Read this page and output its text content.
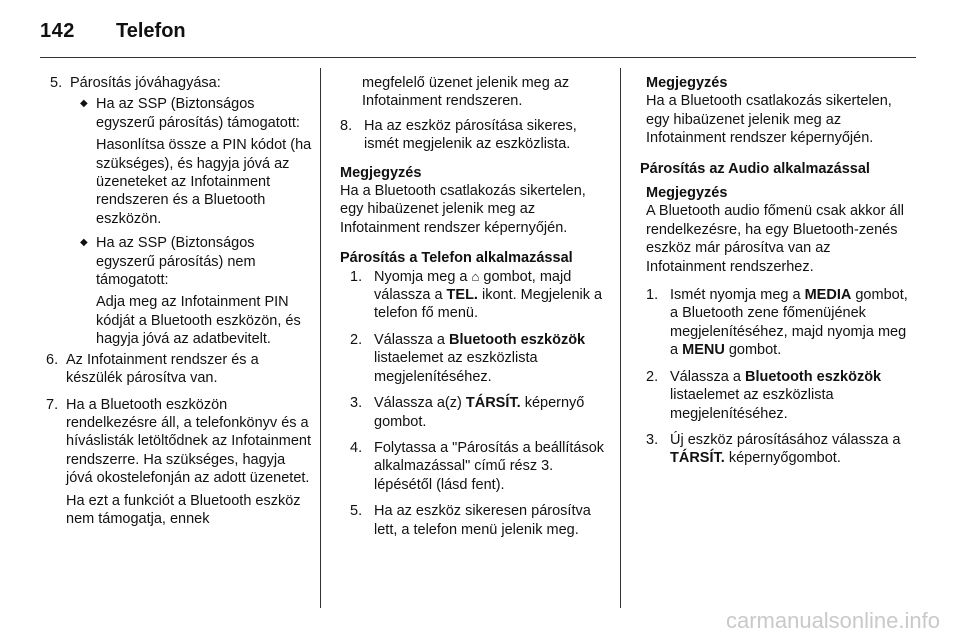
142 Telefon
5. Párosítás jóváhagyása:
◆ Ha az SSP (Biztonságos egyszerű párosítás) támogatott:
Hasonlítsa össze a PIN kódot (ha szükséges), és hagyja jóvá az üzeneteket az Infotainment rendszeren és a Bluetooth eszközön.
◆ Ha az SSP (Biztonságos egyszerű párosítás) nem támogatott:
Adja meg az Infotainment PIN kódját a Bluetooth eszközön, és hagyja jóvá az adatbevitelt.
6. Az Infotainment rendszer és a készülék párosítva van.
7. Ha a Bluetooth eszközön rendelkezésre áll, a telefonkönyv és a híváslisták letöltődnek az Infotainment rendszerre. Ha szükséges, hagyja jóvá okostelefonján az adott üzenetet.
Ha ezt a funkciót a Bluetooth eszköz nem támogatja, ennek
megfelelő üzenet jelenik meg az Infotainment rendszeren.
8. Ha az eszköz párosítása sikeres, ismét megjelenik az eszközlista.
Megjegyzés
Ha a Bluetooth csatlakozás sikertelen, egy hibaüzenet jelenik meg az Infotainment rendszer képernyőjén.
Párosítás a Telefon alkalmazással
1. Nyomja meg a ⌂ gombot, majd válassza a TEL. ikont. Megjelenik a telefon fő menü.
2. Válassza a Bluetooth eszközök listaelemet az eszközlista megjelenítéséhez.
3. Válassza a(z) TÁRSÍT. képernyő gombot.
4. Folytassa a "Párosítás a beállítások alkalmazással" című rész 3. lépésétől (lásd fent).
5. Ha az eszköz sikeresen párosítva lett, a telefon menü jelenik meg.
Megjegyzés
Ha a Bluetooth csatlakozás sikertelen, egy hibaüzenet jelenik meg az Infotainment rendszer képernyőjén.
Párosítás az Audio alkalmazással
Megjegyzés
A Bluetooth audio főmenü csak akkor áll rendelkezésre, ha egy Bluetooth-zenés eszköz már párosítva van az Infotainment rendszerhez.
1. Ismét nyomja meg a MEDIA gombot, a Bluetooth zene főmenüjének megjelenítéséhez, majd nyomja meg a MENU gombot.
2. Válassza a Bluetooth eszközök listaelemet az eszközlista megjelenítéséhez.
3. Új eszköz párosításához válassza a TÁRSÍT. képernyőgombot.
carmanualsonline.info
